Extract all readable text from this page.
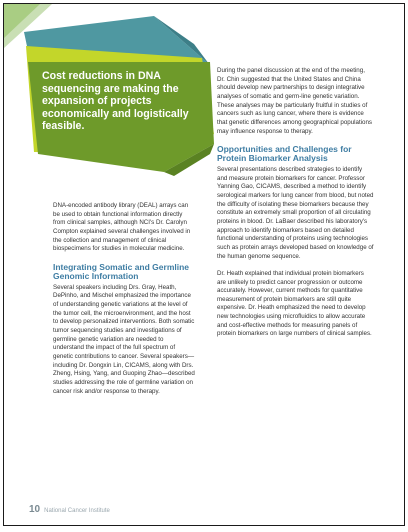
Cost reductions in DNA sequencing are making the expansion of projects economically and logistically feasible.

DNA-encoded antibody library (DEAL) arrays can be used to obtain functional information directly from clinical samples, although NCI's Dr. Carolyn Compton explained several challenges involved in the collection and management of clinical biospecimens for studies in molecular medicine.

Integrating Somatic and Germline Genomic Information

Several speakers including Drs. Gray, Heath, DePinho, and Mischel emphasized the importance of understanding genetic variations at the level of the tumor cell, the microenvironment, and the host to develop personalized interventions. Both somatic tumor sequencing studies and investigations of germline genetic variation are needed to understand the impact of the full spectrum of genetic contributions to cancer. Several speakers—including Dr. Dongxin Lin, CICAMS, along with Drs. Zheng, Hsing, Yang, and Guoping Zhao—described studies addressing the role of germline variation on cancer risk and/or response to therapy.

During the panel discussion at the end of the meeting, Dr. Chin suggested that the United States and China should develop new partnerships to design integrative analyses of somatic and germ-line genetic variation. These analyses may be particularly fruitful in studies of cancers such as lung cancer, where there is evidence that genetic differences among geographical populations may influence response to therapy.

Opportunities and Challenges for Protein Biomarker Analysis

Several presentations described strategies to identify and measure protein biomarkers for cancer. Professor Yanning Gao, CICAMS, described a method to identify serological markers for lung cancer from blood, but noted the difficulty of isolating these biomarkers because they constitute an extremely small proportion of all circulating proteins in blood. Dr. LaBaer described his laboratory's approach to identify biomarkers based on detailed functional understanding of proteins using technologies such as protein arrays developed based on knowledge of the human genome sequence.

Dr. Heath explained that individual protein biomarkers are unlikely to predict cancer progression or outcome accurately. However, current methods for quantitative measurement of protein biomarkers are still quite expensive. Dr. Heath emphasized the need to develop new technologies using microfluidics to allow accurate and cost-effective methods for measuring panels of protein biomarkers on large numbers of clinical samples.

10 National Cancer Institute
